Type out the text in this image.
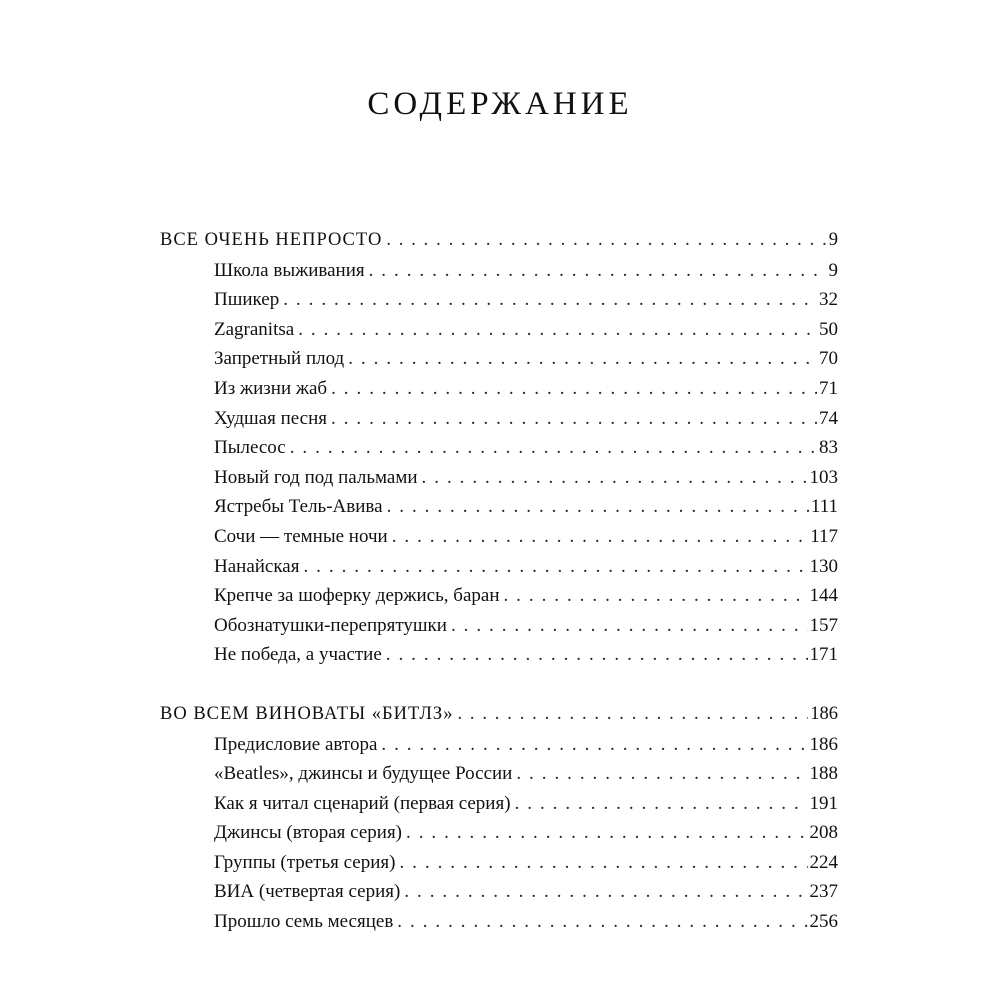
СОДЕРЖАНИЕ
ВСЕ ОЧЕНЬ НЕПРОСТО . . .	9
Школа выживания . . .	9
Пшикер . . .	32
Zagranitsa . . .	50
Запретный плод . . .	70
Из жизни жаб . . .	71
Худшая песня . . .	74
Пылесос . . .	83
Новый год под пальмами . . .	103
Ястребы Тель-Авива . . .	111
Сочи — темные ночи . . .	117
Нанайская . . .	130
Крепче за шоферку держись, баран . . .	144
Обознатушки-перепрятушки . . .	157
Не победа, а участие . . .	171
ВО ВСЕМ ВИНОВАТЫ «БИТЛЗ» . . .	186
Предисловие автора . . .	186
«Beatles», джинсы и будущее России . . .	188
Как я читал сценарий (первая серия) . . .	191
Джинсы (вторая серия) . . .	208
Группы (третья серия) . . .	224
ВИА (четвертая серия) . . .	237
Прошло семь месяцев . . .	256
